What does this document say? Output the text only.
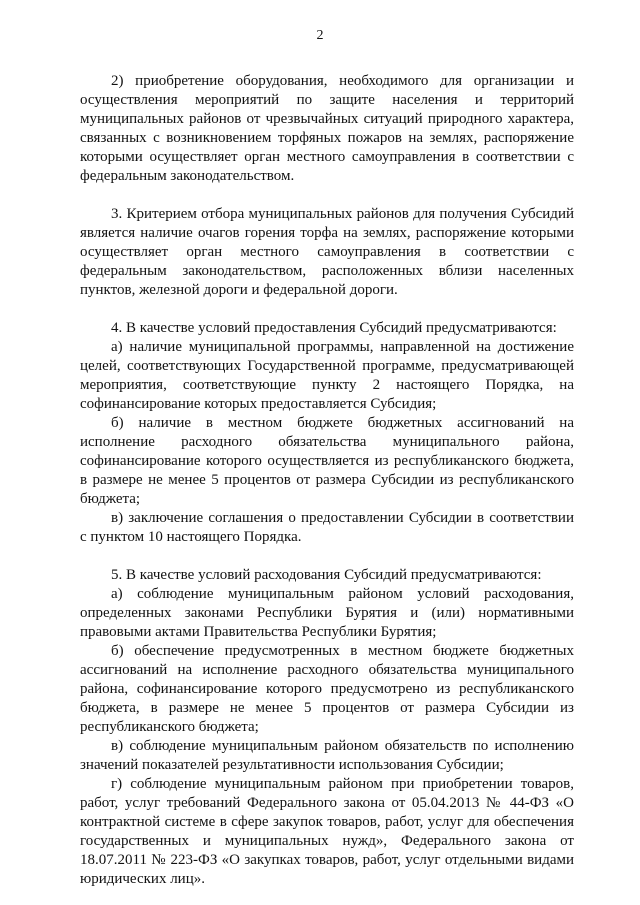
2

2) приобретение оборудования, необходимого для организации и осуществления мероприятий по защите населения и территорий муниципальных районов от чрезвычайных ситуаций природного характера, связанных с возникновением торфяных пожаров на землях, распоряжение которыми осуществляет орган местного самоуправления в соответствии с федеральным законодательством.

3. Критерием отбора муниципальных районов для получения Субсидий является наличие очагов горения торфа на землях, распоряжение которыми осуществляет орган местного самоуправления в соответствии с федеральным законодательством, расположенных вблизи населенных пунктов, железной дороги и федеральной дороги.

4. В качестве условий предоставления Субсидий предусматриваются:

а) наличие муниципальной программы, направленной на достижение целей, соответствующих Государственной программе, предусматривающей мероприятия, соответствующие пункту 2 настоящего Порядка, на софинансирование которых предоставляется Субсидия;

б) наличие в местном бюджете бюджетных ассигнований на исполнение расходного обязательства муниципального района, софинансирование которого осуществляется из республиканского бюджета, в размере не менее 5 процентов от размера Субсидии из республиканского бюджета;

в) заключение соглашения о предоставлении Субсидии в соответствии с пунктом 10 настоящего Порядка.

5. В качестве условий расходования Субсидий предусматриваются:

а) соблюдение муниципальным районом условий расходования, определенных законами Республики Бурятия и (или) нормативными правовыми актами Правительства Республики Бурятия;

б) обеспечение предусмотренных в местном бюджете бюджетных ассигнований на исполнение расходного обязательства муниципального района, софинансирование которого предусмотрено из республиканского бюджета, в размере не менее 5 процентов от размера Субсидии из республиканского бюджета;

в) соблюдение муниципальным районом обязательств по исполнению значений показателей результативности использования Субсидии;

г) соблюдение муниципальным районом при приобретении товаров, работ, услуг требований Федерального закона от 05.04.2013 № 44-ФЗ «О контрактной системе в сфере закупок товаров, работ, услуг для обеспечения государственных и муниципальных нужд», Федерального закона от 18.07.2011 № 223-ФЗ «О закупках товаров, работ, услуг отдельными видами юридических лиц».
